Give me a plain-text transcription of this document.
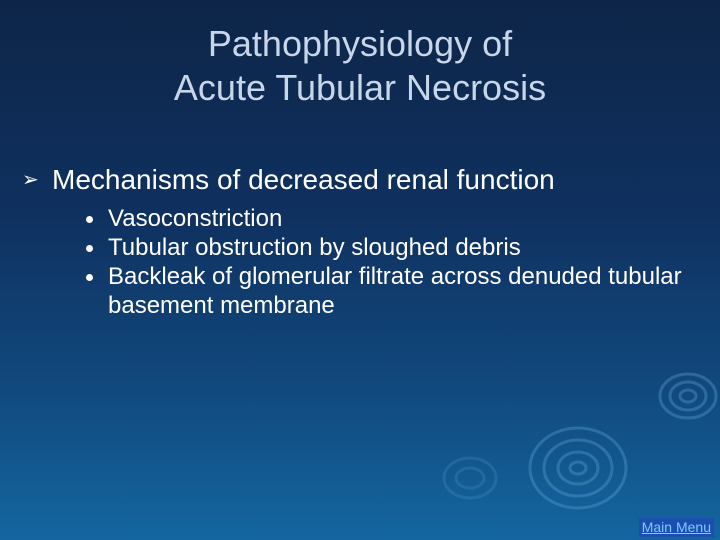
Pathophysiology of
Acute Tubular Necrosis
➢ Mechanisms of decreased renal function
Vasoconstriction
Tubular obstruction by sloughed debris
Backleak of glomerular filtrate across denuded tubular basement membrane
Main Menu
